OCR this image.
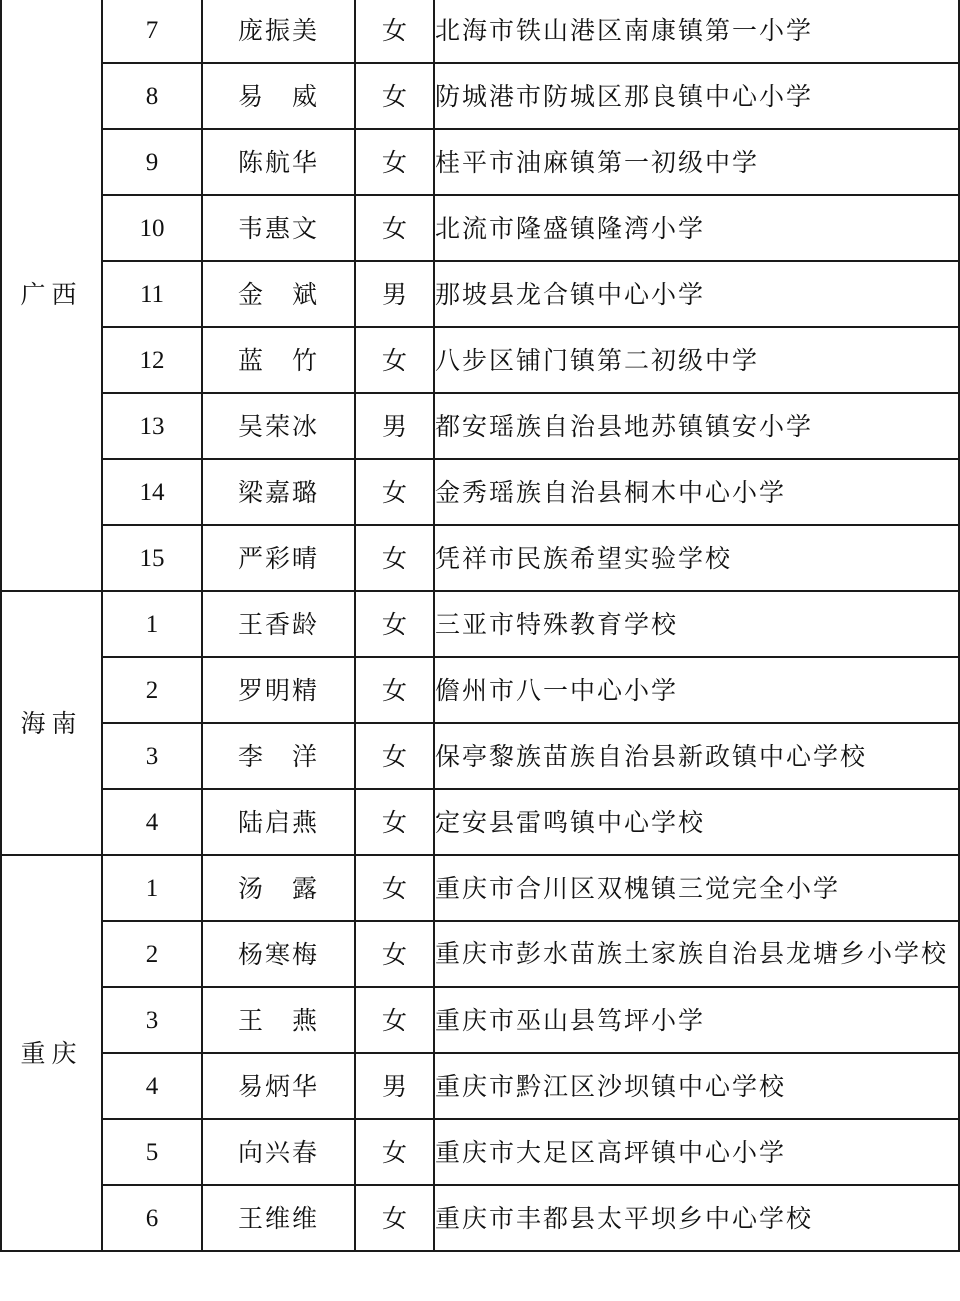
广西	7	庞振美	女	北海市铁山港区南康镇第一小学
	8	易　威	女	防城港市防城区那良镇中心小学
	9	陈航华	女	桂平市油麻镇第一初级中学
	10	韦惠文	女	北流市隆盛镇隆湾小学
	11	金　斌	男	那坡县龙合镇中心小学
	12	蓝　竹	女	八步区铺门镇第二初级中学
	13	吴荣冰	男	都安瑶族自治县地苏镇镇安小学
	14	梁嘉璐	女	金秀瑶族自治县桐木中心小学
	15	严彩晴	女	凭祥市民族希望实验学校
海南	1	王香龄	女	三亚市特殊教育学校
	2	罗明精	女	儋州市八一中心小学
	3	李　洋	女	保亭黎族苗族自治县新政镇中心学校
	4	陆启燕	女	定安县雷鸣镇中心学校
重庆	1	汤　露	女	重庆市合川区双槐镇三觉完全小学
	2	杨寒梅	女	重庆市彭水苗族土家族自治县龙塘乡小学校
	3	王　燕	女	重庆市巫山县笃坪小学
	4	易炳华	男	重庆市黔江区沙坝镇中心学校
	5	向兴春	女	重庆市大足区高坪镇中心小学
	6	王维维	女	重庆市丰都县太平坝乡中心学校
